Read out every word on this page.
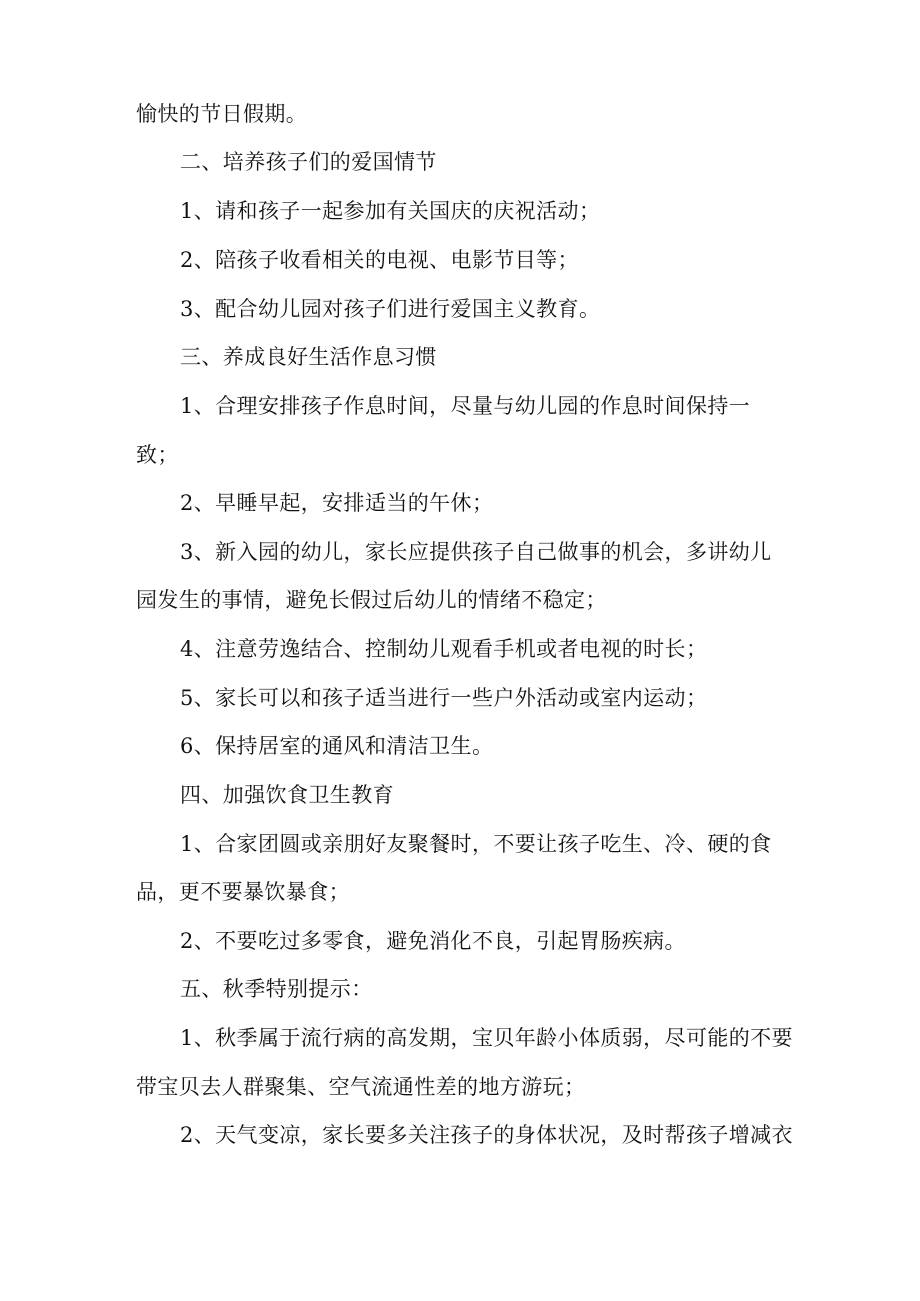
愉快的节日假期。
二、培养孩子们的爱国情节
1、请和孩子一起参加有关国庆的庆祝活动；
2、陪孩子收看相关的电视、电影节目等；
3、配合幼儿园对孩子们进行爱国主义教育。
三、养成良好生活作息习惯
1、合理安排孩子作息时间，尽量与幼儿园的作息时间保持一
致；
2、早睡早起，安排适当的午休；
3、新入园的幼儿，家长应提供孩子自己做事的机会，多讲幼儿
园发生的事情，避免长假过后幼儿的情绪不稳定；
4、注意劳逸结合、控制幼儿观看手机或者电视的时长；
5、家长可以和孩子适当进行一些户外活动或室内运动；
6、保持居室的通风和清洁卫生。
四、加强饮食卫生教育
1、合家团圆或亲朋好友聚餐时，不要让孩子吃生、冷、硬的食
品，更不要暴饮暴食；
2、不要吃过多零食，避免消化不良，引起胃肠疾病。
五、秋季特别提示：
1、秋季属于流行病的高发期，宝贝年龄小体质弱，尽可能的不要
带宝贝去人群聚集、空气流通性差的地方游玩；
2、天气变凉，家长要多关注孩子的身体状况，及时帮孩子增减衣
